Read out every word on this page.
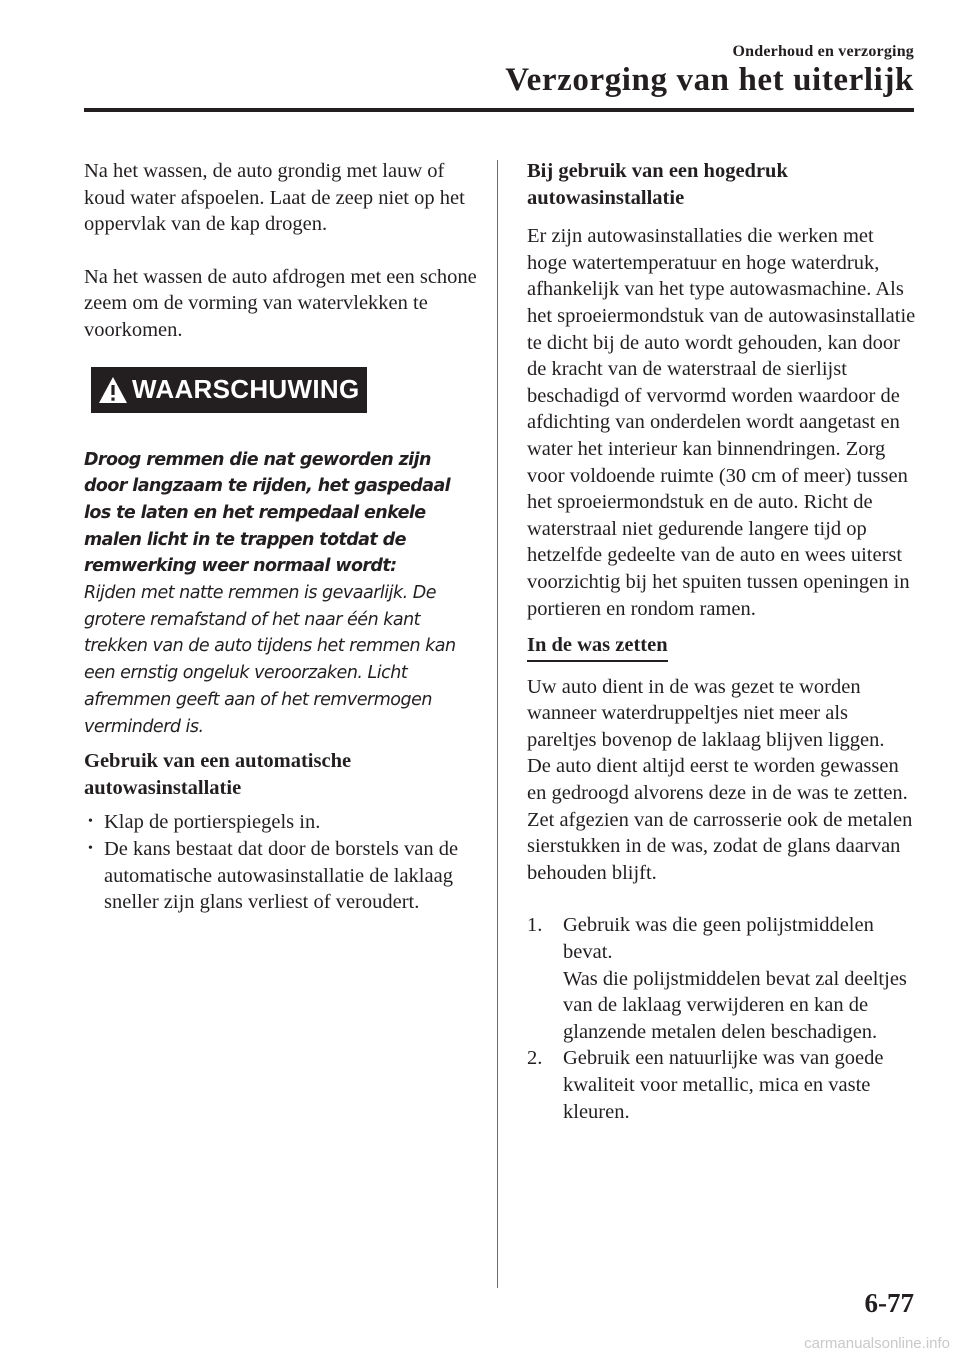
Onderhoud en verzorging
Verzorging van het uiterlijk

Na het wassen, de auto grondig met lauw of koud water afspoelen. Laat de zeep niet op het oppervlak van de kap drogen.

Na het wassen de auto afdrogen met een schone zeem om de vorming van watervlekken te voorkomen.

WAARSCHUWING
Droog remmen die nat geworden zijn door langzaam te rijden, het gaspedaal los te laten en het rempedaal enkele malen licht in te trappen totdat de remwerking weer normaal wordt:
Rijden met natte remmen is gevaarlijk. De grotere remafstand of het naar één kant trekken van de auto tijdens het remmen kan een ernstig ongeluk veroorzaken. Licht afremmen geeft aan of het remvermogen verminderd is.

Gebruik van een automatische autowasinstallatie

• Klap de portierspiegels in.
• De kans bestaat dat door de borstels van de automatische autowasinstallatie de laklaag sneller zijn glans verliest of veroudert.

Bij gebruik van een hogedruk autowasinstallatie

Er zijn autowasinstallaties die werken met hoge watertemperatuur en hoge waterdruk, afhankelijk van het type autowasmachine. Als het sproeiermondstuk van de autowasinstallatie te dicht bij de auto wordt gehouden, kan door de kracht van de waterstraal de sierlijst beschadigd of vervormd worden waardoor de afdichting van onderdelen wordt aangetast en water het interieur kan binnendringen. Zorg voor voldoende ruimte (30 cm of meer) tussen het sproeiermondstuk en de auto. Richt de waterstraal niet gedurende langere tijd op hetzelfde gedeelte van de auto en wees uiterst voorzichtig bij het spuiten tussen openingen in portieren en rondom ramen.

In de was zetten

Uw auto dient in de was gezet te worden wanneer waterdruppeltjes niet meer als pareltjes bovenop de laklaag blijven liggen.

De auto dient altijd eerst te worden gewassen en gedroogd alvorens deze in de was te zetten. Zet afgezien van de carrosserie ook de metalen sierstukken in de was, zodat de glans daarvan behouden blijft.

1.	Gebruik was die geen polijstmiddelen bevat.
Was die polijstmiddelen bevat zal deeltjes van de laklaag verwijderen en kan de glanzende metalen delen beschadigen.
2.	Gebruik een natuurlijke was van goede kwaliteit voor metallic, mica en vaste kleuren.
6-77
carmanualsonline.info
